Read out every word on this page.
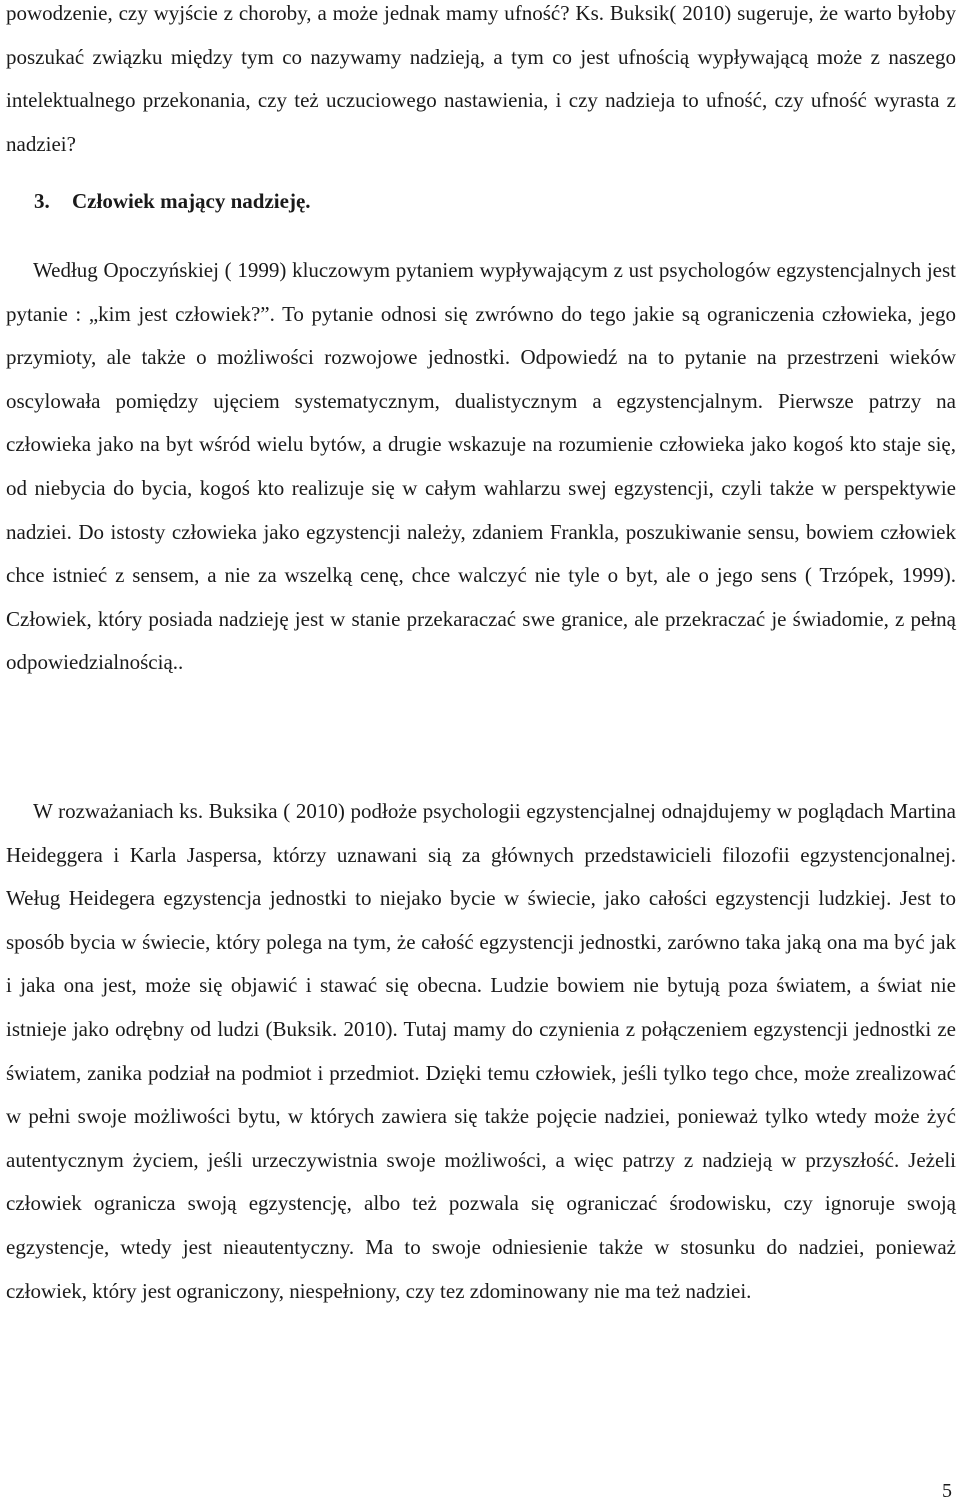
powodzenie, czy wyjście z choroby, a może jednak mamy ufność? Ks. Buksik( 2010) sugeruje, że warto byłoby poszukać związku między tym co nazywamy nadzieją, a tym co jest ufnością wypływającą może z naszego intelektualnego przekonania, czy też uczuciowego nastawienia, i czy nadzieja to ufność, czy ufność wyrasta z nadziei?

3. Człowiek mający nadzieję.

Według Opoczyńskiej ( 1999) kluczowym pytaniem wypływającym z ust psychologów egzystencjalnych jest pytanie : „kim jest człowiek?”. To pytanie odnosi się zwrówno do tego jakie są ograniczenia człowieka, jego przymioty, ale także o możliwości rozwojowe jednostki. Odpowiedź na to pytanie na przestrzeni wieków oscylowała pomiędzy ujęciem systematycznym, dualistycznym a egzystencjalnym. Pierwsze patrzy na człowieka jako na byt wśród wielu bytów, a drugie wskazuje na rozumienie człowieka jako kogoś kto staje się, od niebycia do bycia, kogoś kto realizuje się w całym wahlarzu swej egzystencji, czyli także w perspektywie nadziei. Do istosty człowieka jako egzystencji należy, zdaniem Frankla, poszukiwanie sensu, bowiem człowiek chce istnieć z sensem, a nie za wszelką cenę, chce walczyć nie tyle o byt, ale o jego sens ( Trzópek, 1999). Człowiek, który posiada nadzieję jest w stanie przekaraczać swe granice, ale przekraczać je świadomie, z pełną odpowiedzialnością..

W rozważaniach ks. Buksika ( 2010) podłoże psychologii egzystencjalnej odnajdujemy w poglądach Martina Heideggera i Karla Jaspersa, którzy uznawani sią za głównych przedstawicieli filozofii egzystencjonalnej. Weług Heidegera egzystencja jednostki to niejako bycie w świecie, jako całości egzystencji ludzkiej. Jest to sposób bycia w świecie, który polega na tym, że całość egzystencji jednostki, zarówno taka jaką ona ma być jak i jaka ona jest, może się objawić i stawać się obecna. Ludzie bowiem nie bytują poza światem, a świat nie istnieje jako odrębny od ludzi (Buksik. 2010). Tutaj mamy do czynienia z połączeniem egzystencji jednostki ze światem, zanika podział na podmiot i przedmiot. Dzięki temu człowiek, jeśli tylko tego chce, może zrealizować w pełni swoje możliwości bytu, w których zawiera się także pojęcie nadziei, ponieważ tylko wtedy może żyć autentycznym życiem, jeśli urzeczywistnia swoje możliwości, a więc patrzy z nadzieją w przyszłość. Jeżeli człowiek ogranicza swoją egzystencję, albo też pozwala się ograniczać środowisku, czy ignoruje swoją egzystencje, wtedy jest nieautentyczny. Ma to swoje odniesienie także w stosunku do nadziei, ponieważ człowiek, który jest ograniczony, niespełniony, czy tez zdominowany nie ma też nadziei.

5
